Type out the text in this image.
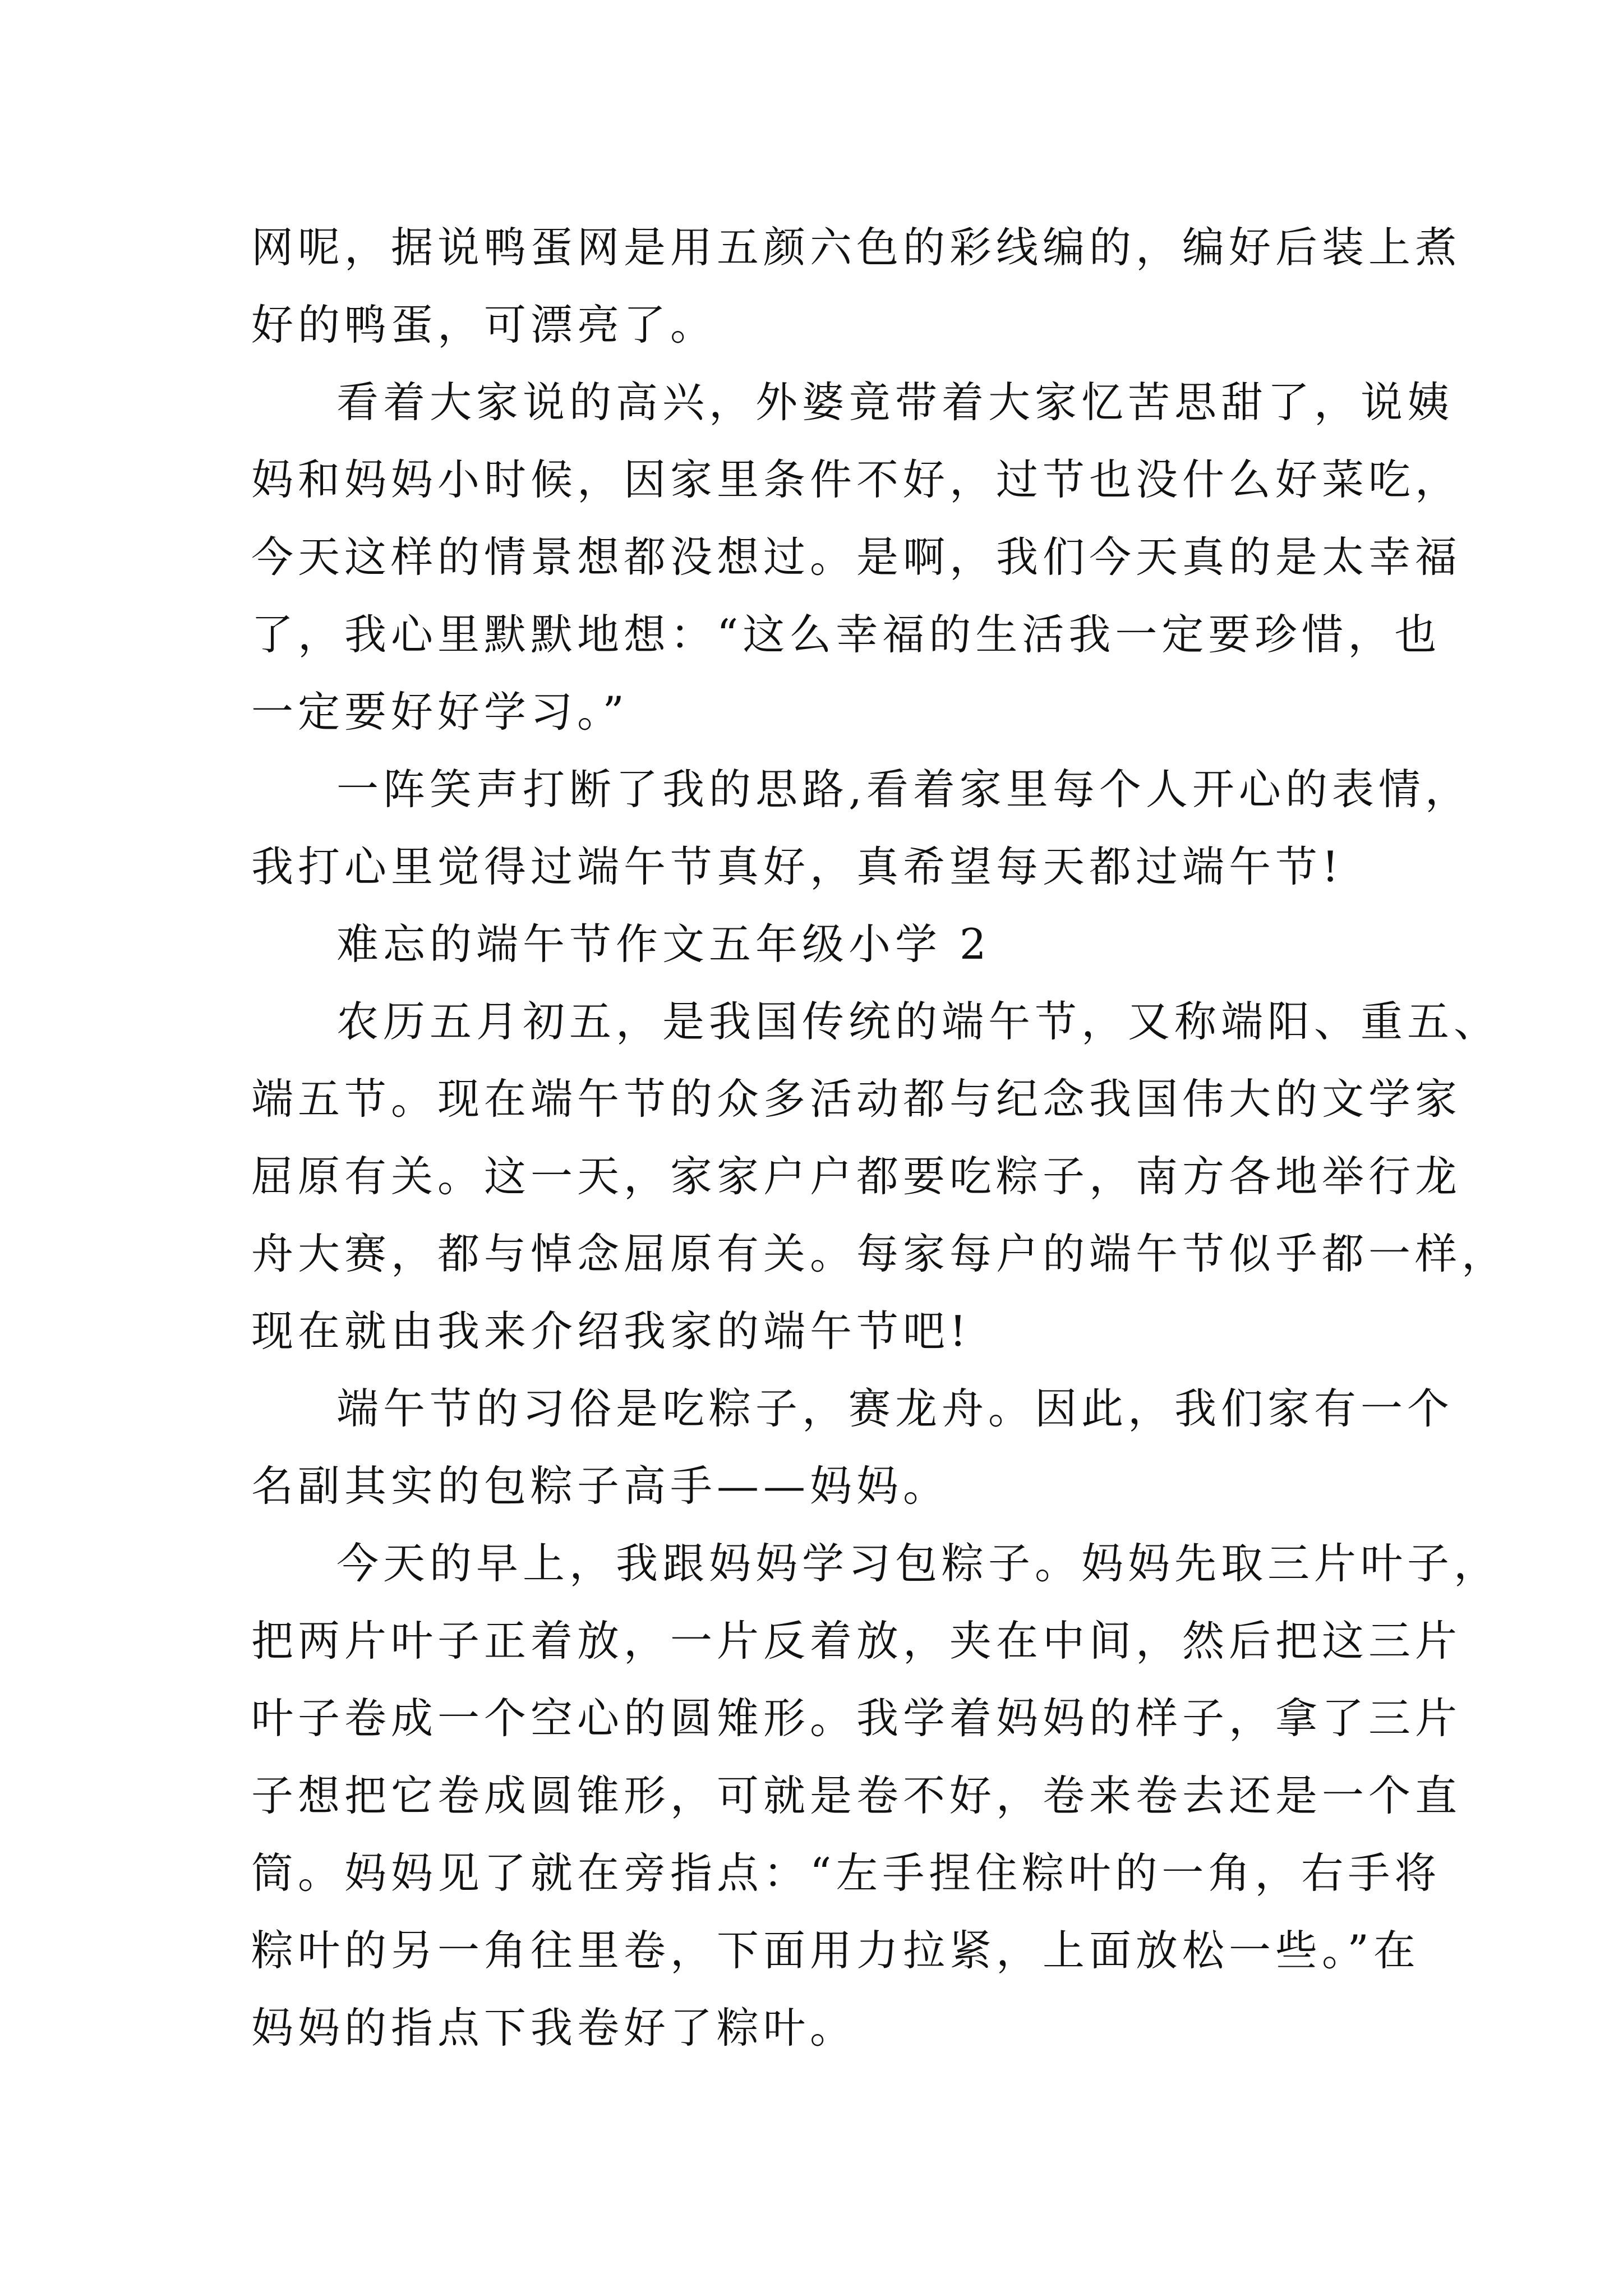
网呢，据说鸭蛋网是用五颜六色的彩线编的，编好后装上煮
好的鸭蛋，可漂亮了。
看着大家说的高兴，外婆竟带着大家忆苦思甜了，说姨
妈和妈妈小时候，因家里条件不好，过节也没什么好菜吃，
今天这样的情景想都没想过。是啊，我们今天真的是太幸福
了，我心里默默地想：“这么幸福的生活我一定要珍惜，也
一定要好好学习。”
一阵笑声打断了我的思路,看着家里每个人开心的表情，
我打心里觉得过端午节真好，真希望每天都过端午节!
难忘的端午节作文五年级小学 2
农历五月初五，是我国传统的端午节，又称端阳、重五、
端五节。现在端午节的众多活动都与纪念我国伟大的文学家
屈原有关。这一天，家家户户都要吃粽子，南方各地举行龙
舟大赛，都与悼念屈原有关。每家每户的端午节似乎都一样，
现在就由我来介绍我家的端午节吧!
端午节的习俗是吃粽子，赛龙舟。因此，我们家有一个
名副其实的包粽子高手——妈妈。
今天的早上，我跟妈妈学习包粽子。妈妈先取三片叶子，
把两片叶子正着放，一片反着放，夹在中间，然后把这三片
叶子卷成一个空心的圆雉形。我学着妈妈的样子，拿了三片
子想把它卷成圆锥形，可就是卷不好，卷来卷去还是一个直
筒。妈妈见了就在旁指点：“左手捏住粽叶的一角，右手将
粽叶的另一角往里卷，下面用力拉紧，上面放松一些。”在
妈妈的指点下我卷好了粽叶。
